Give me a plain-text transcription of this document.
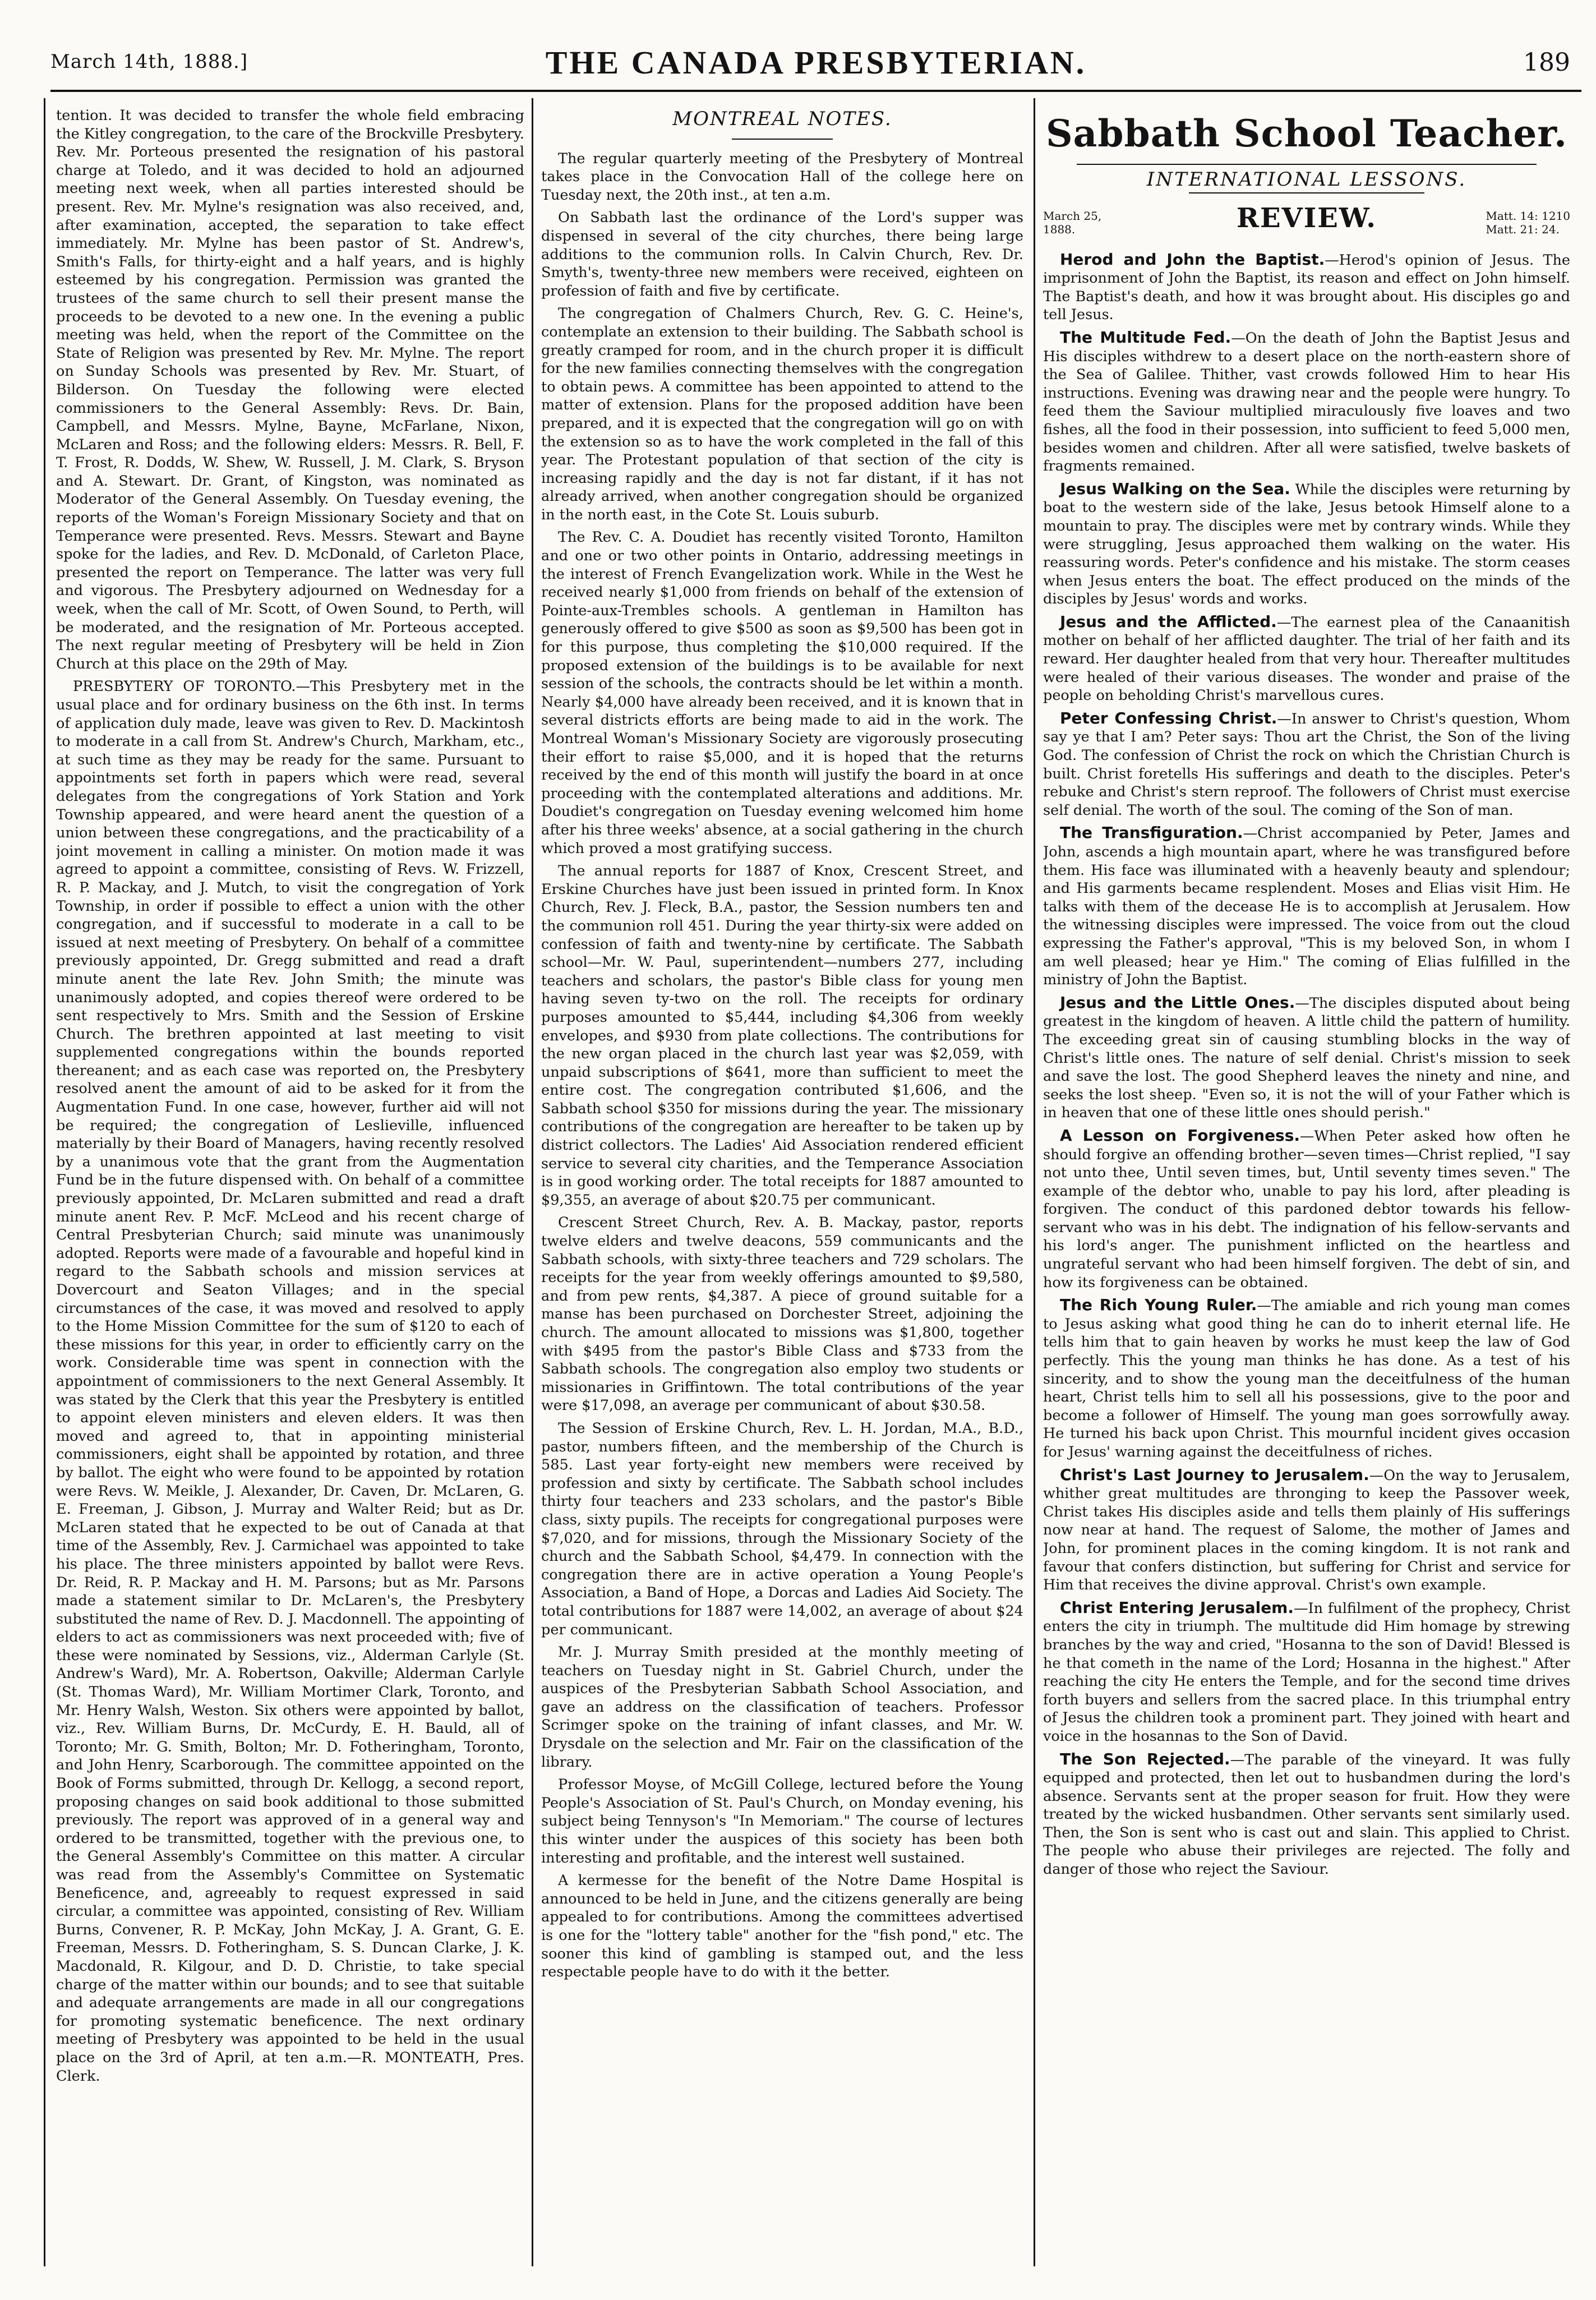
March 14th, 1888.]	THE CANADA PRESBYTERIAN.	189

tention. It was decided to transfer the whole field embracing the Kitley congregation, to the care of the Brockville Presbytery. Rev. Mr. Porteous presented the resignation of his pastoral charge at Toledo, and it was decided to hold an adjourned meeting next week, when all parties interested should be present. Rev. Mr. Mylne's resignation was also received, and, after examination, accepted, the separation to take effect immediately. Mr. Mylne has been pastor of St. Andrew's, Smith's Falls, for thirty-eight and a half years, and is highly esteemed by his congregation. Permission was granted the trustees of the same church to sell their present manse the proceeds to be devoted to a new one. In the evening a public meeting was held, when the report of the Committee on the State of Religion was presented by Rev. Mr. Mylne. The report on Sunday Schools was presented by Rev. Mr. Stuart, of Bilderson. On Tuesday the following were elected commissioners to the General Assembly: Revs. Dr. Bain, Campbell, and Messrs. Mylne, Bayne, McFarlane, Nixon, McLaren and Ross; and the following elders: Messrs. R. Bell, F. T. Frost, R. Dodds, W. Shew, W. Russell, J. M. Clark, S. Bryson and A. Stewart. Dr. Grant, of Kingston, was nominated as Moderator of the General Assembly. On Tuesday evening, the reports of the Woman's Foreign Missionary Society and that on Temperance were presented. Revs. Messrs. Stewart and Bayne spoke for the ladies, and Rev. D. McDonald, of Carleton Place, presented the report on Temperance. The latter was very full and vigorous. The Presbytery adjourned on Wednesday for a week, when the call of Mr. Scott, of Owen Sound, to Perth, will be moderated, and the resignation of Mr. Porteous accepted. The next regular meeting of Presbytery will be held in Zion Church at this place on the 29th of May.

PRESBYTERY OF TORONTO.—This Presbytery met in the usual place and for ordinary business on the 6th inst. In terms of application duly made, leave was given to Rev. D. Mackintosh to moderate in a call from St. Andrew's Church, Markham, etc., at such time as they may be ready for the same. Pursuant to appointments set forth in papers which were read, several delegates from the congregations of York Station and York Township appeared, and were heard anent the question of a union between these congregations, and the practicability of a joint movement in calling a minister. On motion made it was agreed to appoint a committee, consisting of Revs. W. Frizzell, R. P. Mackay, and J. Mutch, to visit the congregation of York Township, in order if possible to effect a union with the other congregation, and if successful to moderate in a call to be issued at next meeting of Presbytery. On behalf of a committee previously appointed, Dr. Gregg submitted and read a draft minute anent the late Rev. John Smith; the minute was unanimously adopted, and copies thereof were ordered to be sent respectively to Mrs. Smith and the Session of Erskine Church. The brethren appointed at last meeting to visit supplemented congregations within the bounds reported thereanent; and as each case was reported on, the Presbytery resolved anent the amount of aid to be asked for it from the Augmentation Fund. In one case, however, further aid will not be required; the congregation of Leslieville, influenced materially by their Board of Managers, having recently resolved by a unanimous vote that the grant from the Augmentation Fund be in the future dispensed with. On behalf of a committee previously appointed, Dr. McLaren submitted and read a draft minute anent Rev. P. McF. McLeod and his recent charge of Central Presbyterian Church; said minute was unanimously adopted. Reports were made of a favourable and hopeful kind in regard to the Sabbath schools and mission services at Dovercourt and Seaton Villages; and in the special circumstances of the case, it was moved and resolved to apply to the Home Mission Committee for the sum of $120 to each of these missions for this year, in order to efficiently carry on the work. Considerable time was spent in connection with the appointment of commissioners to the next General Assembly. It was stated by the Clerk that this year the Presbytery is entitled to appoint eleven ministers and eleven elders. It was then moved and agreed to, that in appointing ministerial commissioners, eight shall be appointed by rotation, and three by ballot. The eight who were found to be appointed by rotation were Revs. W. Meikle, J. Alexander, Dr. Caven, Dr. McLaren, G. E. Freeman, J. Gibson, J. Murray and Walter Reid; but as Dr. McLaren stated that he expected to be out of Canada at that time of the Assembly, Rev. J. Carmichael was appointed to take his place. The three ministers appointed by ballot were Revs. Dr. Reid, R. P. Mackay and H. M. Parsons; but as Mr. Parsons made a statement similar to Dr. McLaren's, the Presbytery substituted the name of Rev. D. J. Macdonnell. The appointing of elders to act as commissioners was next proceeded with; five of these were nominated by Sessions, viz., Alderman Carlyle (St. Andrew's Ward), Mr. A. Robertson, Oakville; Alderman Carlyle (St. Thomas Ward), Mr. William Mortimer Clark, Toronto, and Mr. Henry Walsh, Weston. Six others were appointed by ballot, viz., Rev. William Burns, Dr. McCurdy, E. H. Bauld, all of Toronto; Mr. G. Smith, Bolton; Mr. D. Fotheringham, Toronto, and John Henry, Scarborough. The committee appointed on the Book of Forms submitted, through Dr. Kellogg, a second report, proposing changes on said book additional to those submitted previously. The report was approved of in a general way and ordered to be transmitted, together with the previous one, to the General Assembly's Committee on this matter. A circular was read from the Assembly's Committee on Systematic Beneficence, and, agreeably to request expressed in said circular, a committee was appointed, consisting of Rev. William Burns, Convener, R. P. McKay, John McKay, J. A. Grant, G. E. Freeman, Messrs. D. Fotheringham, S. S. Duncan Clarke, J. K. Macdonald, R. Kilgour, and D. D. Christie, to take special charge of the matter within our bounds; and to see that suitable and adequate arrangements are made in all our congregations for promoting systematic beneficence. The next ordinary meeting of Presbytery was appointed to be held in the usual place on the 3rd of April, at ten a.m.—R. MONTEATH, Pres. Clerk.

MONTREAL NOTES.

The regular quarterly meeting of the Presbytery of Montreal takes place in the Convocation Hall of the college here on Tuesday next, the 20th inst., at ten a.m.

On Sabbath last the ordinance of the Lord's supper was dispensed in several of the city churches, there being large additions to the communion rolls. In Calvin Church, Rev. Dr. Smyth's, twenty-three new members were received, eighteen on profession of faith and five by certificate.

The congregation of Chalmers Church, Rev. G. C. Heine's, contemplate an extension to their building. The Sabbath school is greatly cramped for room, and in the church proper it is difficult for the new families connecting themselves with the congregation to obtain pews. A committee has been appointed to attend to the matter of extension. Plans for the proposed addition have been prepared, and it is expected that the congregation will go on with the extension so as to have the work completed in the fall of this year. The Protestant population of that section of the city is increasing rapidly and the day is not far distant, if it has not already arrived, when another congregation should be organized in the north east, in the Cote St. Louis suburb.

The Rev. C. A. Doudiet has recently visited Toronto, Hamilton and one or two other points in Ontario, addressing meetings in the interest of French Evangelization work. While in the West he received nearly $1,000 from friends on behalf of the extension of Pointe-aux-Trembles schools. A gentleman in Hamilton has generously offered to give $500 as soon as $9,500 has been got in for this purpose, thus completing the $10,000 required. If the proposed extension of the buildings is to be available for next session of the schools, the contracts should be let within a month. Nearly $4,000 have already been received, and it is known that in several districts efforts are being made to aid in the work. The Montreal Woman's Missionary Society are vigorously prosecuting their effort to raise $5,000, and it is hoped that the returns received by the end of this month will justify the board in at once proceeding with the contemplated alterations and additions. Mr. Doudiet's congregation on Tuesday evening welcomed him home after his three weeks' absence, at a social gathering in the church which proved a most gratifying success.

The annual reports for 1887 of Knox, Crescent Street, and Erskine Churches have just been issued in printed form. In Knox Church, Rev. J. Fleck, B.A., pastor, the Session numbers ten and the communion roll 451. During the year thirty-six were added on confession of faith and twenty-nine by certificate. The Sabbath school—Mr. W. Paul, superintendent—numbers 277, including teachers and scholars, the pastor's Bible class for young men having seven ty-two on the roll. The receipts for ordinary purposes amounted to $5,444, including $4,306 from weekly envelopes, and $930 from plate collections. The contributions for the new organ placed in the church last year was $2,059, with unpaid subscriptions of $641, more than sufficient to meet the entire cost. The congregation contributed $1,606, and the Sabbath school $350 for missions during the year. The missionary contributions of the congregation are hereafter to be taken up by district collectors. The Ladies' Aid Association rendered efficient service to several city charities, and the Temperance Association is in good working order. The total receipts for 1887 amounted to $9,355, an average of about $20.75 per communicant.

Crescent Street Church, Rev. A. B. Mackay, pastor, reports twelve elders and twelve deacons, 559 communicants and the Sabbath schools, with sixty-three teachers and 729 scholars. The receipts for the year from weekly offerings amounted to $9,580, and from pew rents, $4,387. A piece of ground suitable for a manse has been purchased on Dorchester Street, adjoining the church. The amount allocated to missions was $1,800, together with $495 from the pastor's Bible Class and $733 from the Sabbath schools. The congregation also employ two students or missionaries in Griffintown. The total contributions of the year were $17,098, an average per communicant of about $30.58.

The Session of Erskine Church, Rev. L. H. Jordan, M.A., B.D., pastor, numbers fifteen, and the membership of the Church is 585. Last year forty-eight new members were received by profession and sixty by certificate. The Sabbath school includes thirty four teachers and 233 scholars, and the pastor's Bible class, sixty pupils. The receipts for congregational purposes were $7,020, and for missions, through the Missionary Society of the church and the Sabbath School, $4,479. In connection with the congregation there are in active operation a Young People's Association, a Band of Hope, a Dorcas and Ladies Aid Society. The total contributions for 1887 were 14,002, an average of about $24 per communicant.

Mr. J. Murray Smith presided at the monthly meeting of teachers on Tuesday night in St. Gabriel Church, under the auspices of the Presbyterian Sabbath School Association, and gave an address on the classification of teachers. Professor Scrimger spoke on the training of infant classes, and Mr. W. Drysdale on the selection and Mr. Fair on the classification of the library.

Professor Moyse, of McGill College, lectured before the Young People's Association of St. Paul's Church, on Monday evening, his subject being Tennyson's "In Memoriam." The course of lectures this winter under the auspices of this society has been both interesting and profitable, and the interest well sustained.

A kermesse for the benefit of the Notre Dame Hospital is announced to be held in June, and the citizens generally are being appealed to for contributions. Among the committees advertised is one for the "lottery table" another for the "fish pond," etc. The sooner this kind of gambling is stamped out, and the less respectable people have to do with it the better.

Sabbath School Teacher.
INTERNATIONAL LESSONS.
March 25,
1888.	REVIEW.	Matt. 14: 1210
Matt. 21: 24.

Herod and John the Baptist.—Herod's opinion of Jesus. The imprisonment of John the Baptist, its reason and effect on John himself. The Baptist's death, and how it was brought about. His disciples go and tell Jesus.

The Multitude Fed.—On the death of John the Baptist Jesus and His disciples withdrew to a desert place on the north-eastern shore of the Sea of Galilee. Thither, vast crowds followed Him to hear His instructions. Evening was drawing near and the people were hungry. To feed them the Saviour multiplied miraculously five loaves and two fishes, all the food in their possession, into sufficient to feed 5,000 men, besides women and children. After all were satisfied, twelve baskets of fragments remained.

Jesus Walking on the Sea. While the disciples were returning by boat to the western side of the lake, Jesus betook Himself alone to a mountain to pray. The disciples were met by contrary winds. While they were struggling, Jesus approached them walking on the water. His reassuring words. Peter's confidence and his mistake. The storm ceases when Jesus enters the boat. The effect produced on the minds of the disciples by Jesus' words and works.

Jesus and the Afflicted.—The earnest plea of the Canaanitish mother on behalf of her afflicted daughter. The trial of her faith and its reward. Her daughter healed from that very hour. Thereafter multitudes were healed of their various diseases. The wonder and praise of the people on beholding Christ's marvellous cures.

Peter Confessing Christ.—In answer to Christ's question, Whom say ye that I am? Peter says: Thou art the Christ, the Son of the living God. The confession of Christ the rock on which the Christian Church is built. Christ foretells His sufferings and death to the disciples. Peter's rebuke and Christ's stern reproof. The followers of Christ must exercise self denial. The worth of the soul. The coming of the Son of man.

The Transfiguration.—Christ accompanied by Peter, James and John, ascends a high mountain apart, where he was transfigured before them. His face was illuminated with a heavenly beauty and splendour; and His garments became resplendent. Moses and Elias visit Him. He talks with them of the decease He is to accomplish at Jerusalem. How the witnessing disciples were impressed. The voice from out the cloud expressing the Father's approval, "This is my beloved Son, in whom I am well pleased; hear ye Him." The coming of Elias fulfilled in the ministry of John the Baptist.

Jesus and the Little Ones.—The disciples disputed about being greatest in the kingdom of heaven. A little child the pattern of humility. The exceeding great sin of causing stumbling blocks in the way of Christ's little ones. The nature of self denial. Christ's mission to seek and save the lost. The good Shepherd leaves the ninety and nine, and seeks the lost sheep. "Even so, it is not the will of your Father which is in heaven that one of these little ones should perish."

A Lesson on Forgiveness.—When Peter asked how often he should forgive an offending brother—seven times—Christ replied, "I say not unto thee, Until seven times, but, Until seventy times seven." The example of the debtor who, unable to pay his lord, after pleading is forgiven. The conduct of this pardoned debtor towards his fellow-servant who was in his debt. The indignation of his fellow-servants and his lord's anger. The punishment inflicted on the heartless and ungrateful servant who had been himself forgiven. The debt of sin, and how its forgiveness can be obtained.

The Rich Young Ruler.—The amiable and rich young man comes to Jesus asking what good thing he can do to inherit eternal life. He tells him that to gain heaven by works he must keep the law of God perfectly. This the young man thinks he has done. As a test of his sincerity, and to show the young man the deceitfulness of the human heart, Christ tells him to sell all his possessions, give to the poor and become a follower of Himself. The young man goes sorrowfully away. He turned his back upon Christ. This mournful incident gives occasion for Jesus' warning against the deceitfulness of riches.

Christ's Last Journey to Jerusalem.—On the way to Jerusalem, whither great multitudes are thronging to keep the Passover week, Christ takes His disciples aside and tells them plainly of His sufferings now near at hand. The request of Salome, the mother of James and John, for prominent places in the coming kingdom. It is not rank and favour that confers distinction, but suffering for Christ and service for Him that receives the divine approval. Christ's own example.

Christ Entering Jerusalem.—In fulfilment of the prophecy, Christ enters the city in triumph. The multitude did Him homage by strewing branches by the way and cried, "Hosanna to the son of David! Blessed is he that cometh in the name of the Lord; Hosanna in the highest." After reaching the city He enters the Temple, and for the second time drives forth buyers and sellers from the sacred place. In this triumphal entry of Jesus the children took a prominent part. They joined with heart and voice in the hosannas to the Son of David.

The Son Rejected.—The parable of the vineyard. It was fully equipped and protected, then let out to husbandmen during the lord's absence. Servants sent at the proper season for fruit. How they were treated by the wicked husbandmen. Other servants sent similarly used. Then, the Son is sent who is cast out and slain. This applied to Christ. The people who abuse their privileges are rejected. The folly and danger of those who reject the Saviour.
